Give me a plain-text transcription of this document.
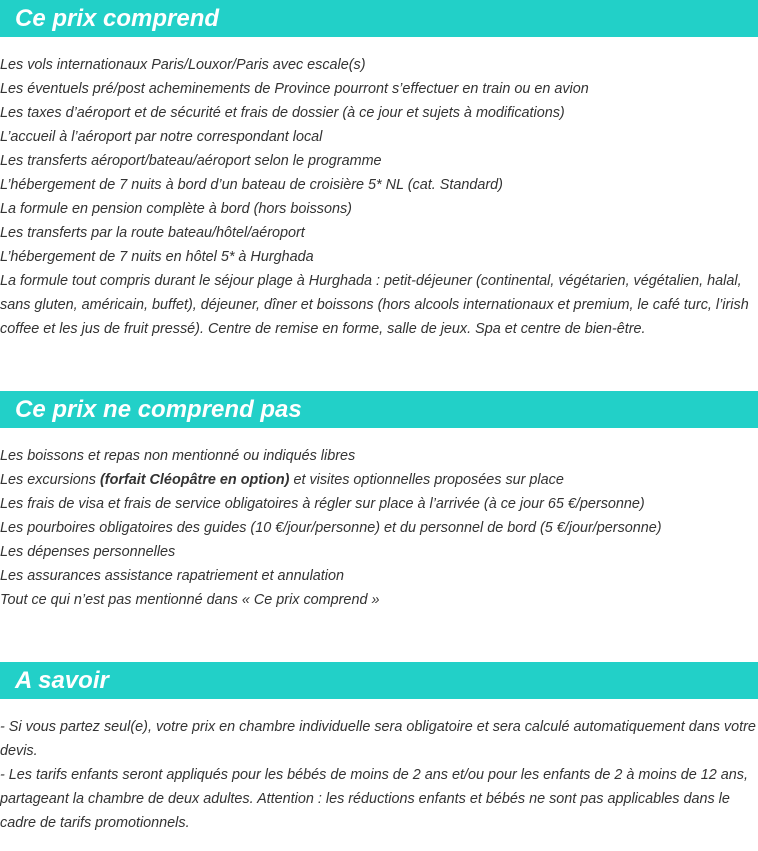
Ce prix comprend

Les vols internationaux Paris/Louxor/Paris avec escale(s)

Les éventuels pré/post acheminements de Province pourront s’effectuer en train ou en avion

Les taxes d’aéroport et de sécurité et frais de dossier (à ce jour et sujets à modifications)

L’accueil à l’aéroport par notre correspondant local

Les transferts aéroport/bateau/aéroport selon le programme

L’hébergement de 7 nuits à bord d’un bateau de croisière 5* NL (cat. Standard)

La formule en pension complète à bord (hors boissons)

Les transferts par la route bateau/hôtel/aéroport

L’hébergement de 7 nuits en hôtel 5* à Hurghada

La formule tout compris durant le séjour plage à Hurghada : petit-déjeuner (continental, végétarien, végétalien, halal, sans gluten, américain, buffet), déjeuner, dîner et boissons (hors alcools internationaux et premium, le café turc, l’irish coffee et les jus de fruit pressé). Centre de remise en forme, salle de jeux. Spa et centre de bien-être.

Ce prix ne comprend pas

Les boissons et repas non mentionné ou indiqués libres

Les excursions (forfait Cléopâtre en option) et visites optionnelles proposées sur place

Les frais de visa et frais de service obligatoires à régler sur place à l’arrivée (à ce jour 65 €/personne)

Les pourboires obligatoires des guides (10 €/jour/personne) et du personnel de bord (5 €/jour/personne)

Les dépenses personnelles

Les assurances assistance rapatriement et annulation

Tout ce qui n’est pas mentionné dans « Ce prix comprend »

A savoir

- Si vous partez seul(e), votre prix en chambre individuelle sera obligatoire et sera calculé automatiquement dans votre devis.

- Les tarifs enfants seront appliqués pour les bébés de moins de 2 ans et/ou pour les enfants de 2 à moins de 12 ans, partageant la chambre de deux adultes. Attention : les réductions enfants et bébés ne sont pas applicables dans le cadre de tarifs promotionnels.
